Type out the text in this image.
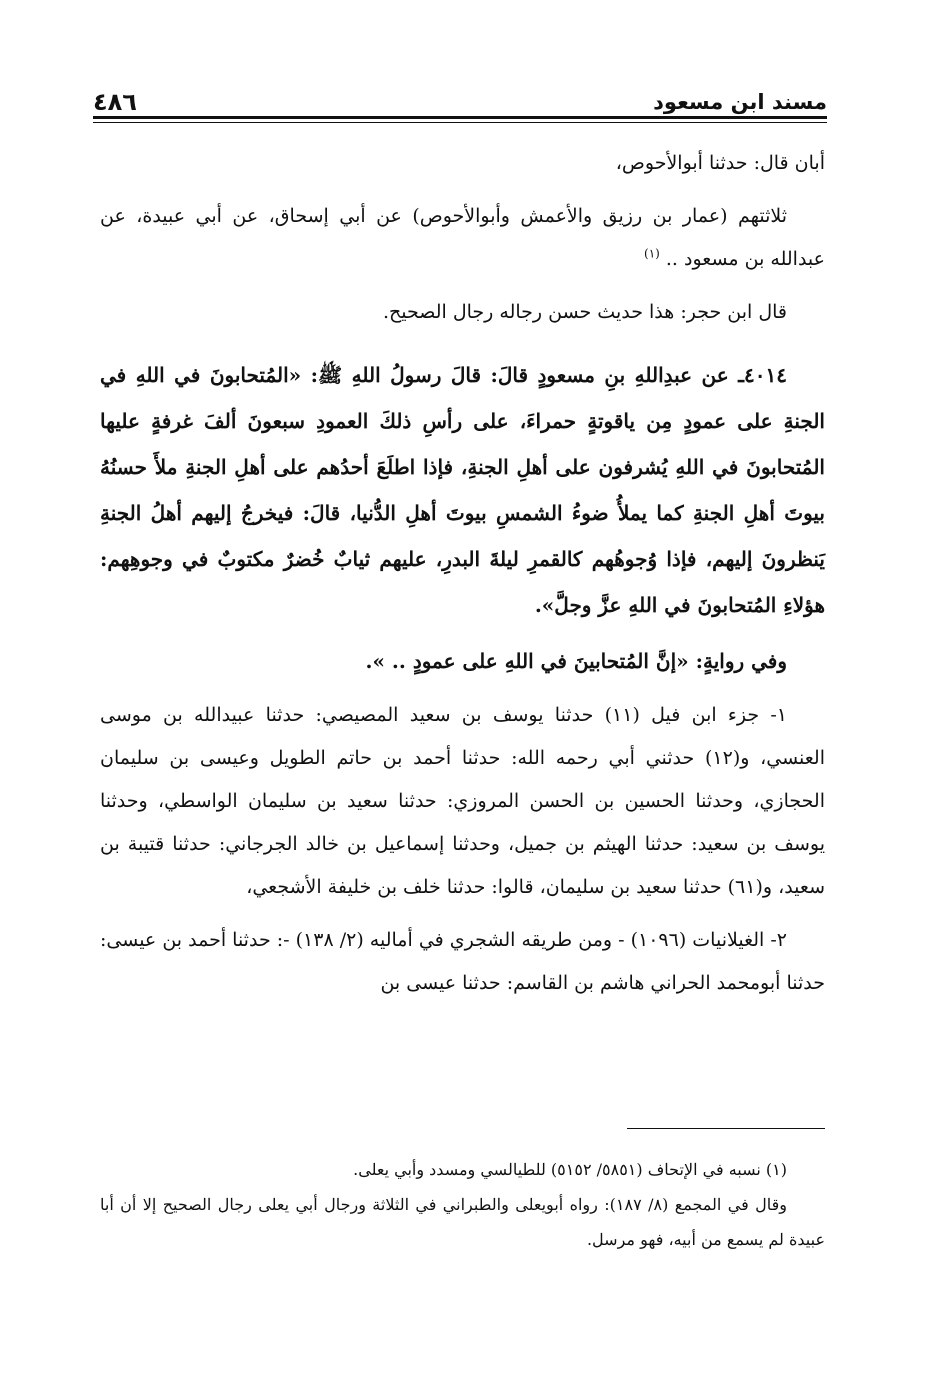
٤٨٦	مسند ابن مسعود

أبان قال: حدثنا أبوالأحوص،

ثلاثتهم (عمار بن رزيق والأعمش وأبوالأحوص) عن أبي إسحاق، عن أبي عبيدة، عن عبدالله بن مسعود .. $^{(١)}$

قال ابن حجر: هذا حديث حسن رجاله رجال الصحيح.

٤٠١٤ـ عن عبدِاللهِ بنِ مسعودٍ قالَ: قالَ رسولُ اللهِ ﷺ: «المُتحابونَ في اللهِ في الجنةِ على عمودٍ مِن ياقوتةٍ حمراءَ، على رأسِ ذلكَ العمودِ سبعونَ ألفَ غرفةٍ عليها المُتحابونَ في اللهِ يُشرفون على أهلِ الجنةِ، فإذا اطلَعَ أحدُهم على أهلِ الجنةِ ملأَ حسنُهُ بيوتَ أهلِ الجنةِ كما يملأُ ضوءُ الشمسِ بيوتَ أهلِ الدُّنيا، قالَ: فيخرجُ إليهم أهلُ الجنةِ يَنظرونَ إليهم، فإذا وُجوهُهم كالقمرِ ليلةَ البدرِ، عليهم ثيابٌ خُضرٌ مكتوبٌ في وجوهِهم: هؤلاءِ المُتحابونَ في اللهِ عزَّ وجلَّ».

وفي روايةٍ: «إنَّ المُتحابينَ في اللهِ على عمودٍ .. ».

١- جزء ابن فيل (١١) حدثنا يوسف بن سعيد المصيصي: حدثنا عبيدالله بن موسى العنسي، و(١٢) حدثني أبي رحمه الله: حدثنا أحمد بن حاتم الطويل وعيسى بن سليمان الحجازي، وحدثنا الحسين بن الحسن المروزي: حدثنا سعيد بن سليمان الواسطي، وحدثنا يوسف بن سعيد: حدثنا الهيثم بن جميل، وحدثنا إسماعيل بن خالد الجرجاني: حدثنا قتيبة بن سعيد، و(٦١) حدثنا سعيد بن سليمان، قالوا: حدثنا خلف بن خليفة الأشجعي،

٢- الغيلانيات (١٠٩٦) - ومن طريقه الشجري في أماليه (٢/ ١٣٨) -: حدثنا أحمد بن عيسى: حدثنا أبومحمد الحراني هاشم بن القاسم: حدثنا عيسى بن

(١) نسبه في الإتحاف (٥٨٥١/ ٥١٥٢) للطيالسي ومسدد وأبي يعلى.

وقال في المجمع (٨/ ١٨٧): رواه أبويعلى والطبراني في الثلاثة ورجال أبي يعلى رجال الصحيح إلا أن أبا عبيدة لم يسمع من أبيه، فهو مرسل.
